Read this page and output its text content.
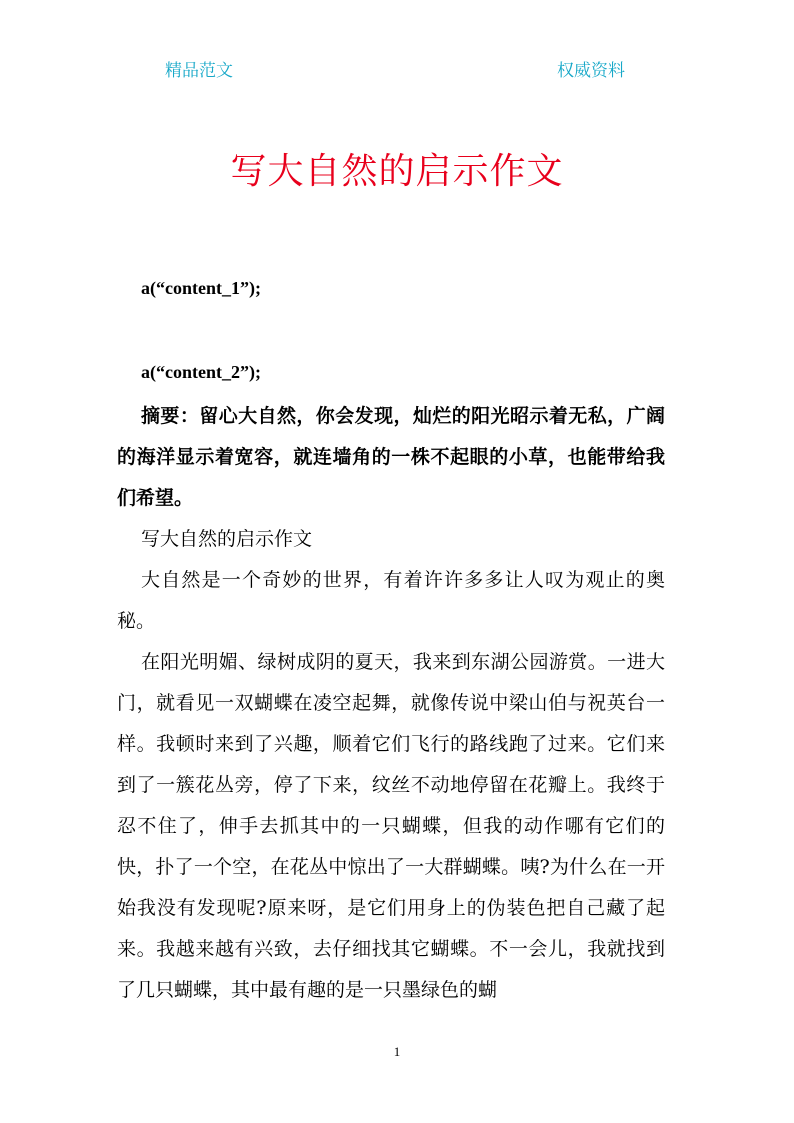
精品范文	权威资料
写大自然的启示作文
a(“content_1”);
a(“content_2”);

摘要：留心大自然，你会发现，灿烂的阳光昭示着无私，广阔的海洋显示着宽容，就连墙角的一株不起眼的小草，也能带给我们希望。

写大自然的启示作文

大自然是一个奇妙的世界，有着许许多多让人叹为观止的奥秘。

在阳光明媚、绿树成阴的夏天，我来到东湖公园游赏。一进大门，就看见一双蝴蝶在凌空起舞，就像传说中梁山伯与祝英台一样。我顿时来到了兴趣，顺着它们飞行的路线跑了过来。它们来到了一簇花丛旁，停了下来，纹丝不动地停留在花瓣上。我终于忍不住了，伸手去抓其中的一只蝴蝶，但我的动作哪有它们的快，扑了一个空，在花丛中惊出了一大群蝴蝶。咦?为什么在一开始我没有发现呢?原来呀，是它们用身上的伪装色把自己藏了起来。我越来越有兴致，去仔细找其它蝴蝶。不一会儿，我就找到了几只蝴蝶，其中最有趣的是一只墨绿色的蝴

1
